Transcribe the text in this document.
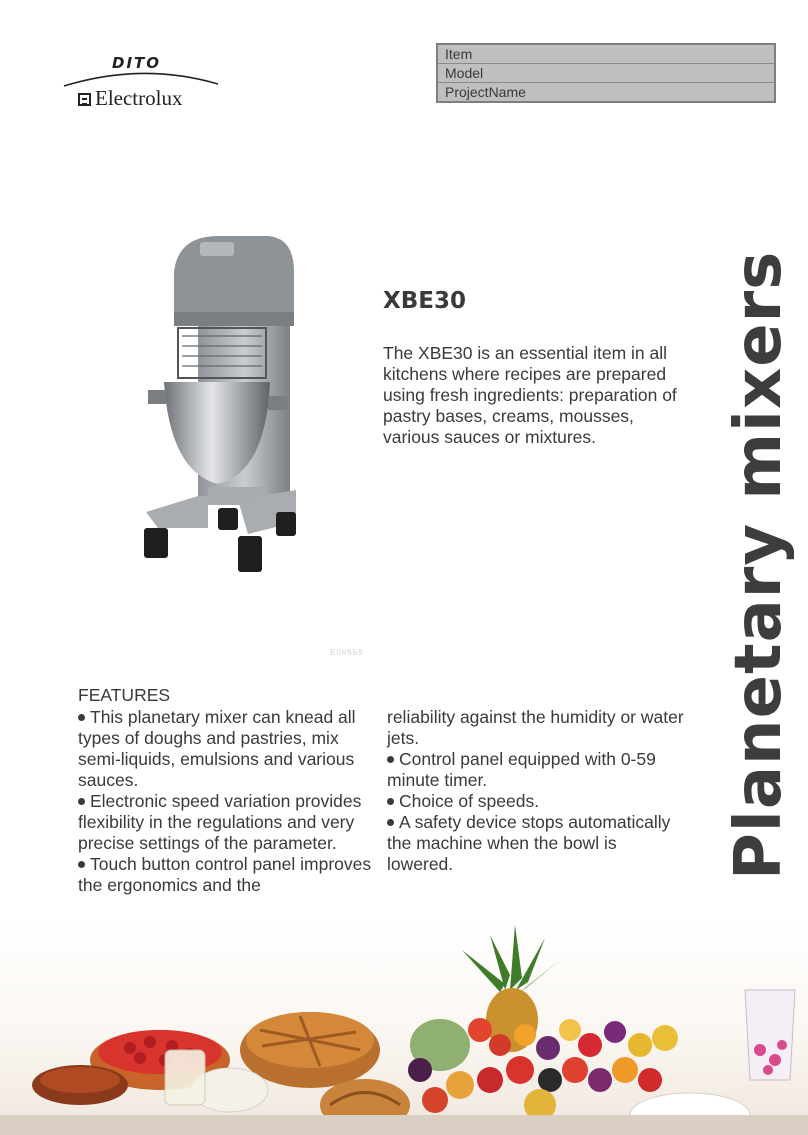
DITO
Electrolux
Item
Model
ProjectName
E0#659
XBE30
The XBE30 is an essential item in all kitchens where recipes are prepared using fresh ingredients: preparation of pastry bases, creams, mousses, various sauces or mixtures.	Planetary mixers
FEATURES

This planetary mixer can knead all types of doughs and pastries, mix semi-liquids, emulsions and various sauces.

Electronic speed variation provides flexibility in the regulations and very precise settings of the parameter.

Touch button control panel improves the ergonomics and the

reliability against the humidity or water jets.

Control panel equipped with 0-59 minute timer.

Choice of speeds.

A safety device stops automatically the machine when the bowl is lowered.
